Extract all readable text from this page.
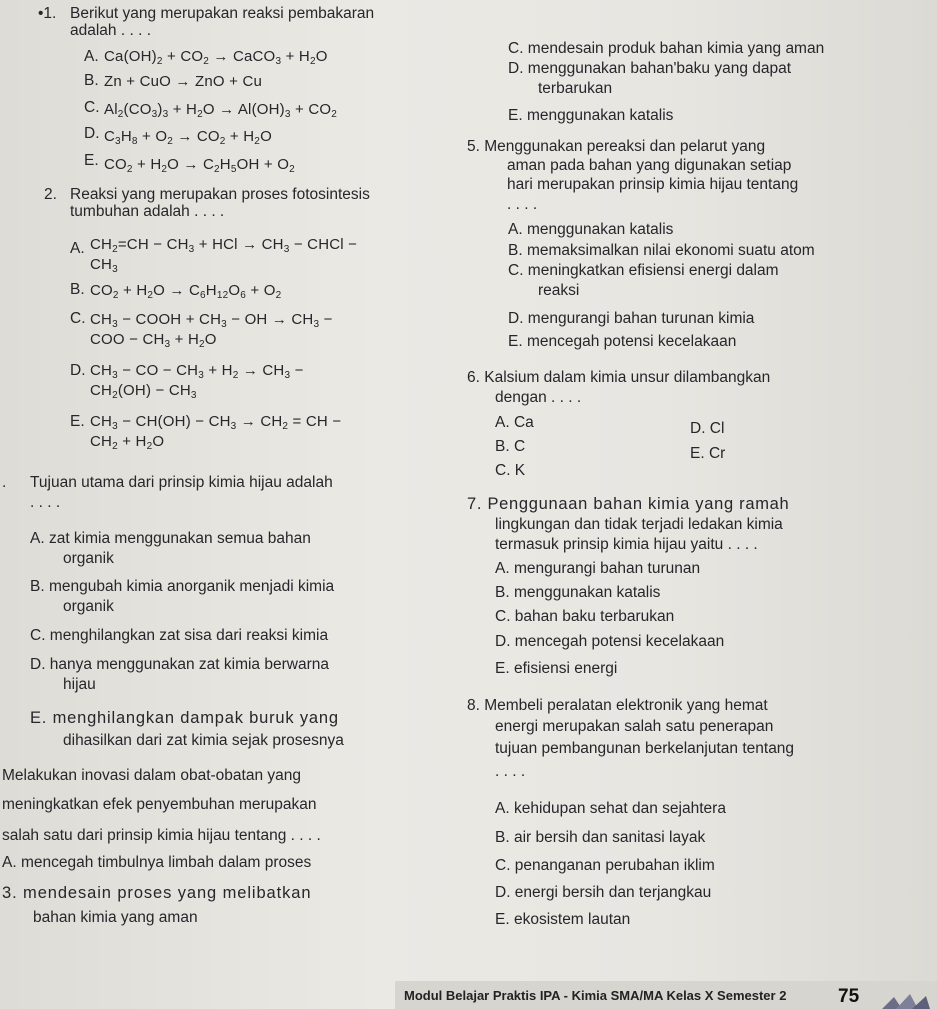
•1. Berikut yang merupakan reaksi pembakaran
adalah . . . .
A. $Ca(OH)_2 + CO_2$ → CaCO$_3$ + $H_2O$
B. Zn + CuO → ZnO + Cu
C. $Al_2(CO_3)_3 + H_2O \to Al(OH)_3 + CO_2$
D. $C_3H_8 + O_2 \to CO_2 + H_2O$
E. $CO_2 + H_2O \to C_2H_5OH + O_2$
2. Reaksi yang merupakan proses fotosintesis
tumbuhan adalah . . . .
A. $CH_2=CH - CH_3$ + HCl → $CH_3$ − CHCl −
$CH_3$
B. $CO_2 + H_2O \to C_6H_{12}O_6 + O_2$
C. $CH_3$ − COOH + $CH_3$ − OH → $CH_3$ −
COO − $CH_3 + H_2O$
D. $CH_3$ − CO − $CH_3 + H_2 \to CH_3$ −
$CH_2(OH) - CH_3$
E. $CH_3 - CH(OH) - CH_3 \to CH_2$ = CH −
$CH_2 + H_2O$
. Tujuan utama dari prinsip kimia hijau adalah
. . . .
A. zat kimia menggunakan semua bahan
organik
B. mengubah kimia anorganik menjadi kimia
organik
C. menghilangkan zat sisa dari reaksi kimia
D. hanya menggunakan zat kimia berwarna
hijau
E. menghilangkan dampak buruk yang
dihasilkan dari zat kimia sejak prosesnya
Melakukan inovasi dalam obat-obatan yang
meningkatkan efek penyembuhan merupakan
salah satu dari prinsip kimia hijau tentang . . . .
A. mencegah timbulnya limbah dalam proses
3. mendesain proses yang melibatkan
bahan kimia yang aman
C. mendesain produk bahan kimia yang aman
D. menggunakan bahan'baku yang dapat
terbarukan
E. menggunakan katalis
5. Menggunakan pereaksi dan pelarut yang
aman pada bahan yang digunakan setiap
hari merupakan prinsip kimia hijau tentang
. . . .
A. menggunakan katalis
B. memaksimalkan nilai ekonomi suatu atom
C. meningkatkan efisiensi energi dalam
reaksi
D. mengurangi bahan turunan kimia
E. mencegah potensi kecelakaan
6. Kalsium dalam kimia unsur dilambangkan
dengan . . . .
A. Ca
B. C
C. K
D. Cl
E. Cr
7. Penggunaan bahan kimia yang ramah
lingkungan dan tidak terjadi ledakan kimia
termasuk prinsip kimia hijau yaitu . . . .
A. mengurangi bahan turunan
B. menggunakan katalis
C. bahan baku terbarukan
D. mencegah potensi kecelakaan
E. efisiensi energi
8. Membeli peralatan elektronik yang hemat
energi merupakan salah satu penerapan
tujuan pembangunan berkelanjutan tentang
. . . .
A. kehidupan sehat dan sejahtera
B. air bersih dan sanitasi layak
C. penanganan perubahan iklim
D. energi bersih dan terjangkau
E. ekosistem lautan
Modul Belajar Praktis IPA - Kimia SMA/MA Kelas X Semester 2	75
